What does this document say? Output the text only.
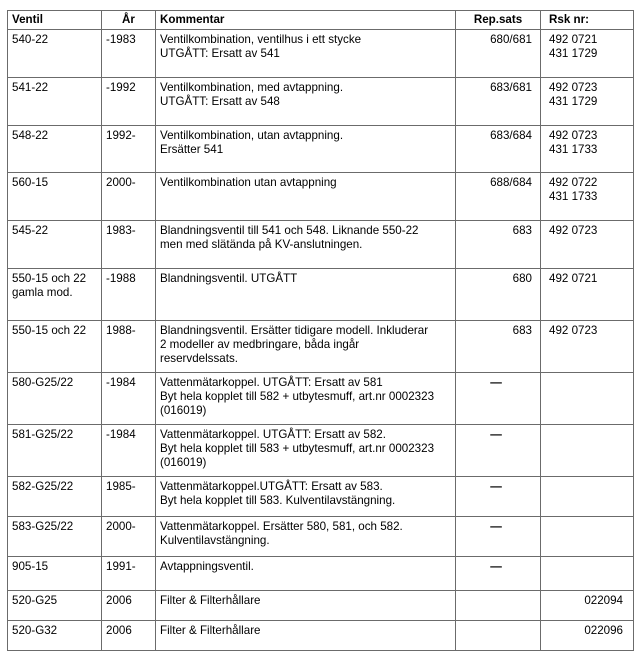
Ventil	År	Kommentar	Rep.sats	Rsk nr:
540-22	-1983	Ventilkombination, ventilhus i ett stycke
UTGÅTT: Ersatt av 541	680/681	492 0721
431 1729
541-22	-1992	Ventilkombination, med avtappning.
UTGÅTT: Ersatt av 548	683/681	492 0723
431 1729
548-22	1992-	Ventilkombination, utan avtappning.
Ersätter 541	683/684	492 0723
431 1733
560-15	2000-	Ventilkombination utan avtappning	688/684	492 0722
431 1733
545-22	1983-	Blandningsventil till 541 och 548. Liknande 550-22
men med slätända på KV-anslutningen.	683	492 0723
550-15 och 22
gamla mod.	-1988	Blandningsventil. UTGÅTT	680	492 0721
550-15 och 22	1988-	Blandningsventil. Ersätter tidigare modell. Inkluderar
2 modeller av medbringare, båda ingår
reservdelssats.	683	492 0723
580-G25/22	-1984	Vattenmätarkoppel. UTGÅTT: Ersatt av 581
Byt hela kopplet till 582 + utbytesmuff, art.nr 0002323
(016019)	—	
581-G25/22	-1984	Vattenmätarkoppel. UTGÅTT: Ersatt av 582.
Byt hela kopplet till 583 + utbytesmuff, art.nr 0002323
(016019)	—	
582-G25/22	1985-	Vattenmätarkoppel.UTGÅTT: Ersatt av 583.
Byt hela kopplet till 583. Kulventilavstängning.	—	
583-G25/22	2000-	Vattenmätarkoppel. Ersätter 580, 581, och 582.
Kulventilavstängning.	—	
905-15	1991-	Avtappningsventil.	—	
520-G25	2006	Filter & Filterhållare		022094
520-G32	2006	Filter & Filterhållare		022096
